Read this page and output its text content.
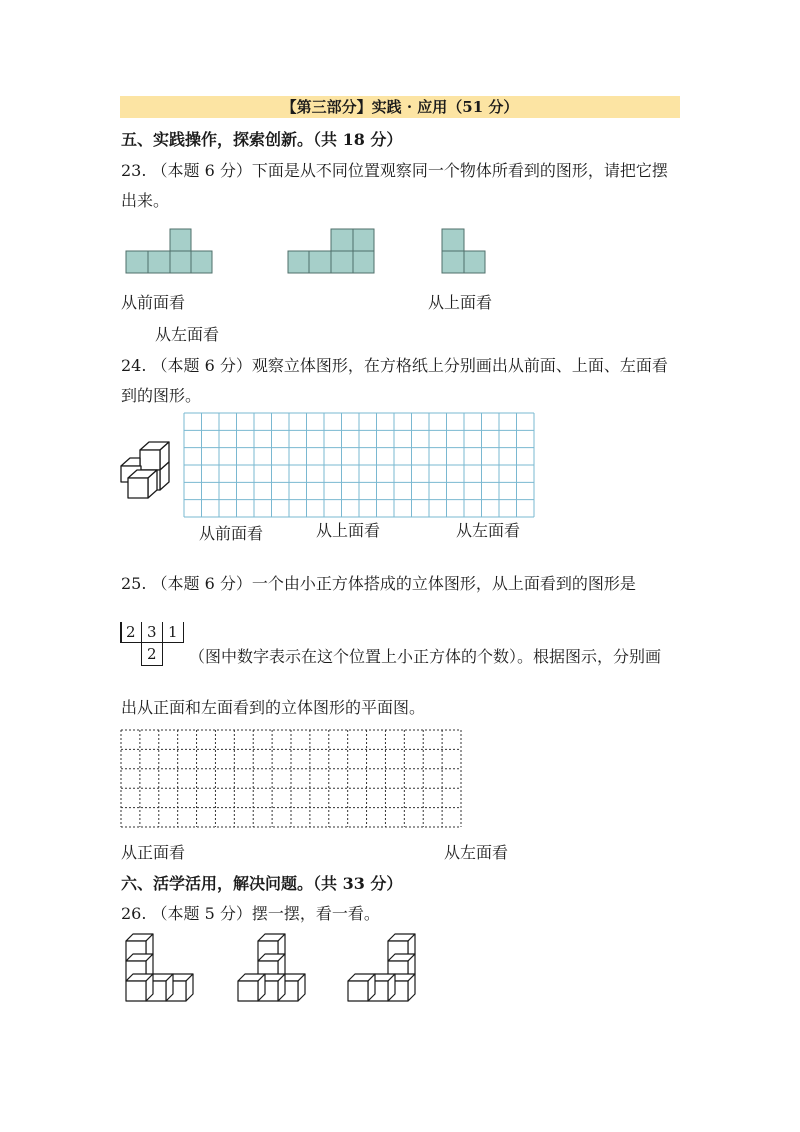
【第三部分】实践 · 应用（51 分）
五、实践操作，探索创新。（共 18 分）
23. （本题 6 分）下面是从不同位置观察同一个物体所看到的图形，请把它摆
出来。
从前面看	从上面看
从左面看
24. （本题 6 分）观察立体图形，在方格纸上分别画出从前面、上面、左面看
到的图形。
从前面看	从上面看	从左面看
25. （本题 6 分）一个由小正方体搭成的立体图形，从上面看到的图形是
2 3 1
2 （图中数字表示在这个位置上小正方体的个数）。根据图示，分别画
出从正面和左面看到的立体图形的平面图。
从正面看	从左面看
六、活学活用，解决问题。（共 33 分）
26. （本题 5 分）摆一摆，看一看。
